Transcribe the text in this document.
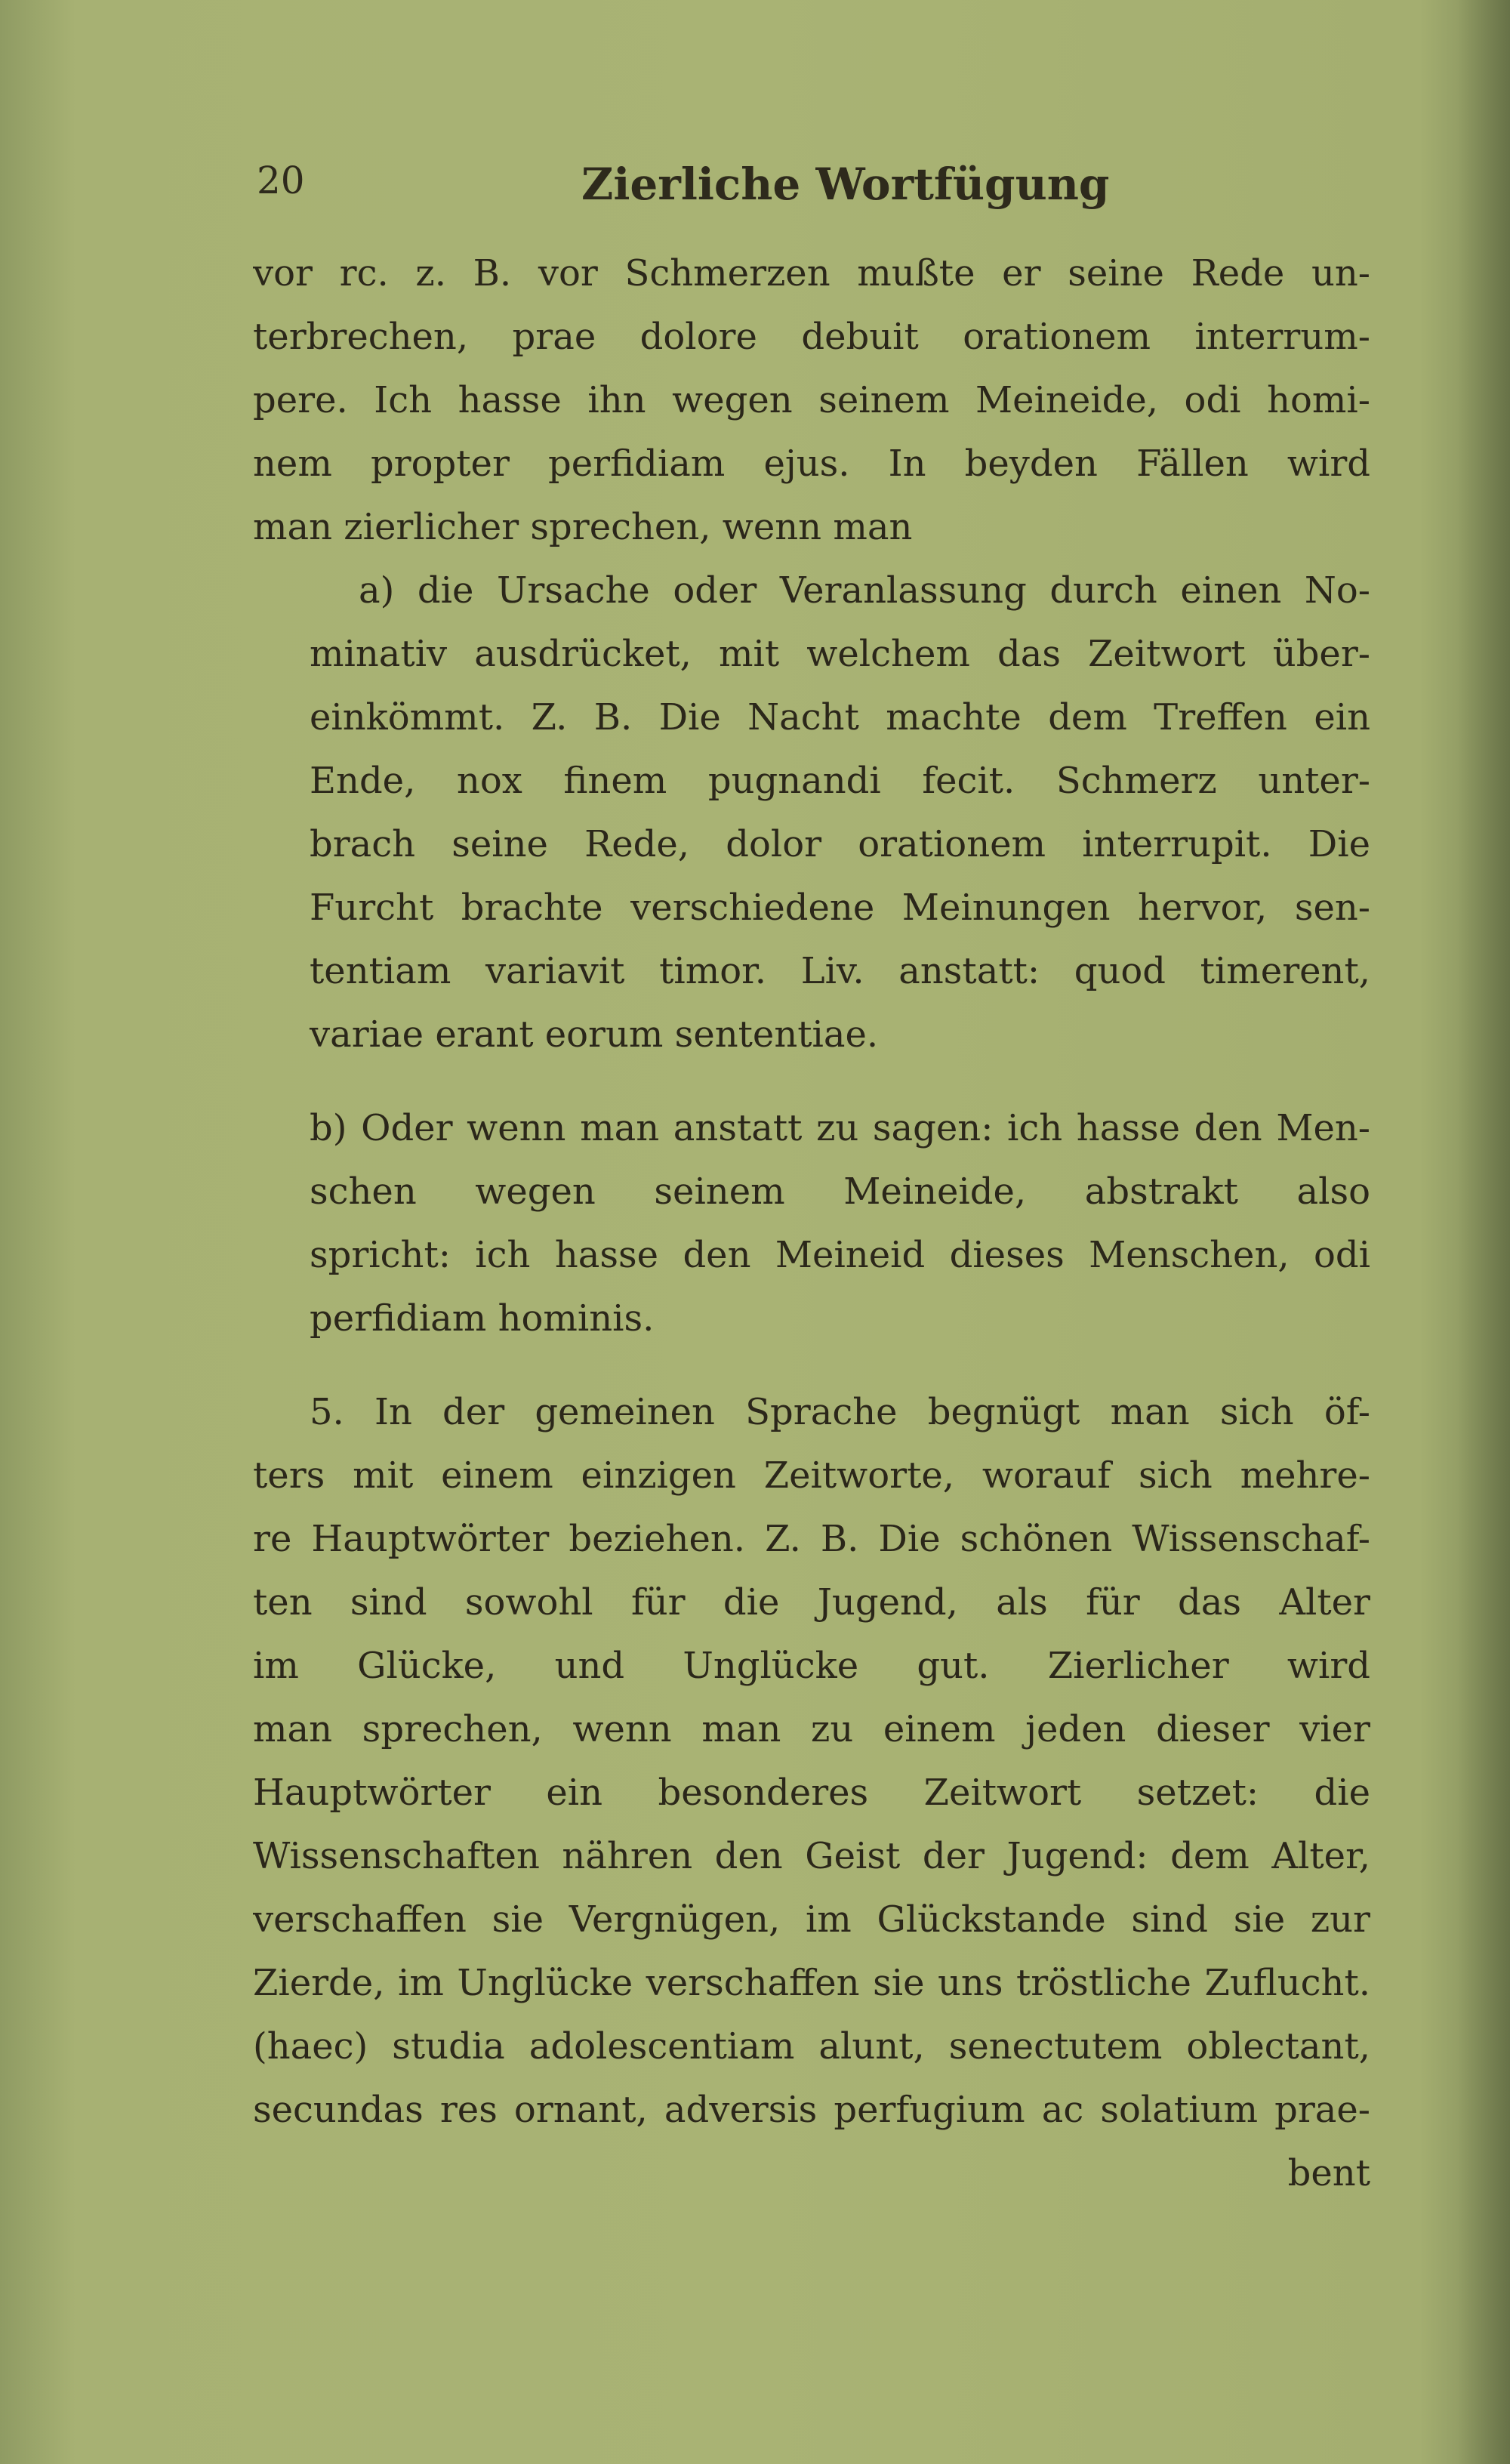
20	Zierliche Wortfügung
vor rc. z. B. vor Schmerzen mußte er seine Rede un-
terbrechen, prae dolore debuit orationem interrum-
pere. Ich hasse ihn wegen seinem Meineide, odi homi-
nem propter perfidiam ejus. In beyden Fällen wird
man zierlicher sprechen, wenn man
a) die Ursache oder Veranlassung durch einen No-
minativ ausdrücket, mit welchem das Zeitwort über-
einkömmt. Z. B. Die Nacht machte dem Treffen ein
Ende, nox finem pugnandi fecit. Schmerz unter-
brach seine Rede, dolor orationem interrupit. Die
Furcht brachte verschiedene Meinungen hervor, sen-
tentiam variavit timor. Liv. anstatt: quod timerent,
variae erant eorum sententiae.
b) Oder wenn man anstatt zu sagen: ich hasse den Men-
schen wegen seinem Meineide, abstrakt also
spricht: ich hasse den Meineid dieses Menschen, odi
perfidiam hominis.
5. In der gemeinen Sprache begnügt man sich öf-
ters mit einem einzigen Zeitworte, worauf sich mehre-
re Hauptwörter beziehen. Z. B. Die schönen Wissenschaf-
ten sind sowohl für die Jugend, als für das Alter
im Glücke, und Unglücke gut. Zierlicher wird
man sprechen, wenn man zu einem jeden dieser vier
Hauptwörter ein besonderes Zeitwort setzet: die
Wissenschaften nähren den Geist der Jugend: dem Alter,
verschaffen sie Vergnügen, im Glückstande sind sie zur
Zierde, im Unglücke verschaffen sie uns tröstliche Zuflucht.
(haec) studia adolescentiam alunt, senectutem oblectant,
secundas res ornant, adversis perfugium ac solatium prae-
bent
